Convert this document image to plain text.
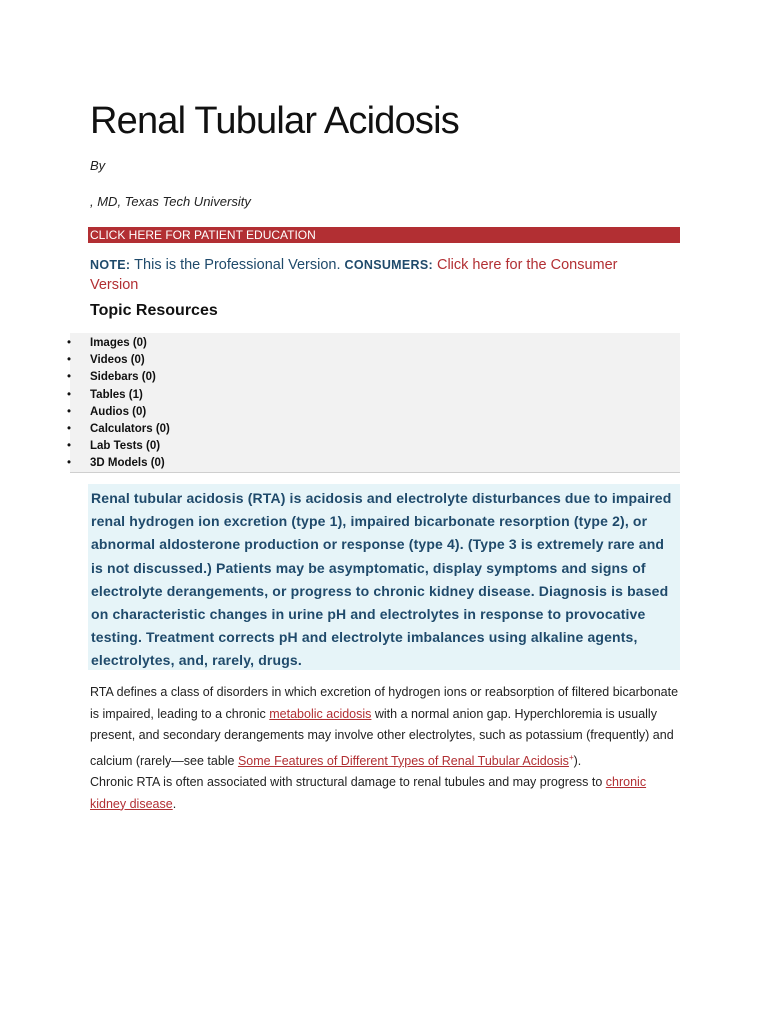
Renal Tubular Acidosis
By
, MD, Texas Tech University
CLICK HERE FOR PATIENT EDUCATION
NOTE: This is the Professional Version. CONSUMERS: Click here for the Consumer Version
Topic Resources
• Images (0)
• Videos (0)
• Sidebars (0)
• Tables (1)
• Audios (0)
• Calculators (0)
• Lab Tests (0)
• 3D Models (0)
Renal tubular acidosis (RTA) is acidosis and electrolyte disturbances due to impaired renal hydrogen ion excretion (type 1), impaired bicarbonate resorption (type 2), or abnormal aldosterone production or response (type 4). (Type 3 is extremely rare and is not discussed.) Patients may be asymptomatic, display symptoms and signs of electrolyte derangements, or progress to chronic kidney disease. Diagnosis is based on characteristic changes in urine pH and electrolytes in response to provocative testing. Treatment corrects pH and electrolyte imbalances using alkaline agents, electrolytes, and, rarely, drugs.

RTA defines a class of disorders in which excretion of hydrogen ions or reabsorption of filtered bicarbonate is impaired, leading to a chronic metabolic acidosis with a normal anion gap. Hyperchloremia is usually present, and secondary derangements may involve other electrolytes, such as potassium (frequently) and calcium (rarely—see table Some Features of Different Types of Renal Tubular Acidosis+).

Chronic RTA is often associated with structural damage to renal tubules and may progress to chronic kidney disease.
